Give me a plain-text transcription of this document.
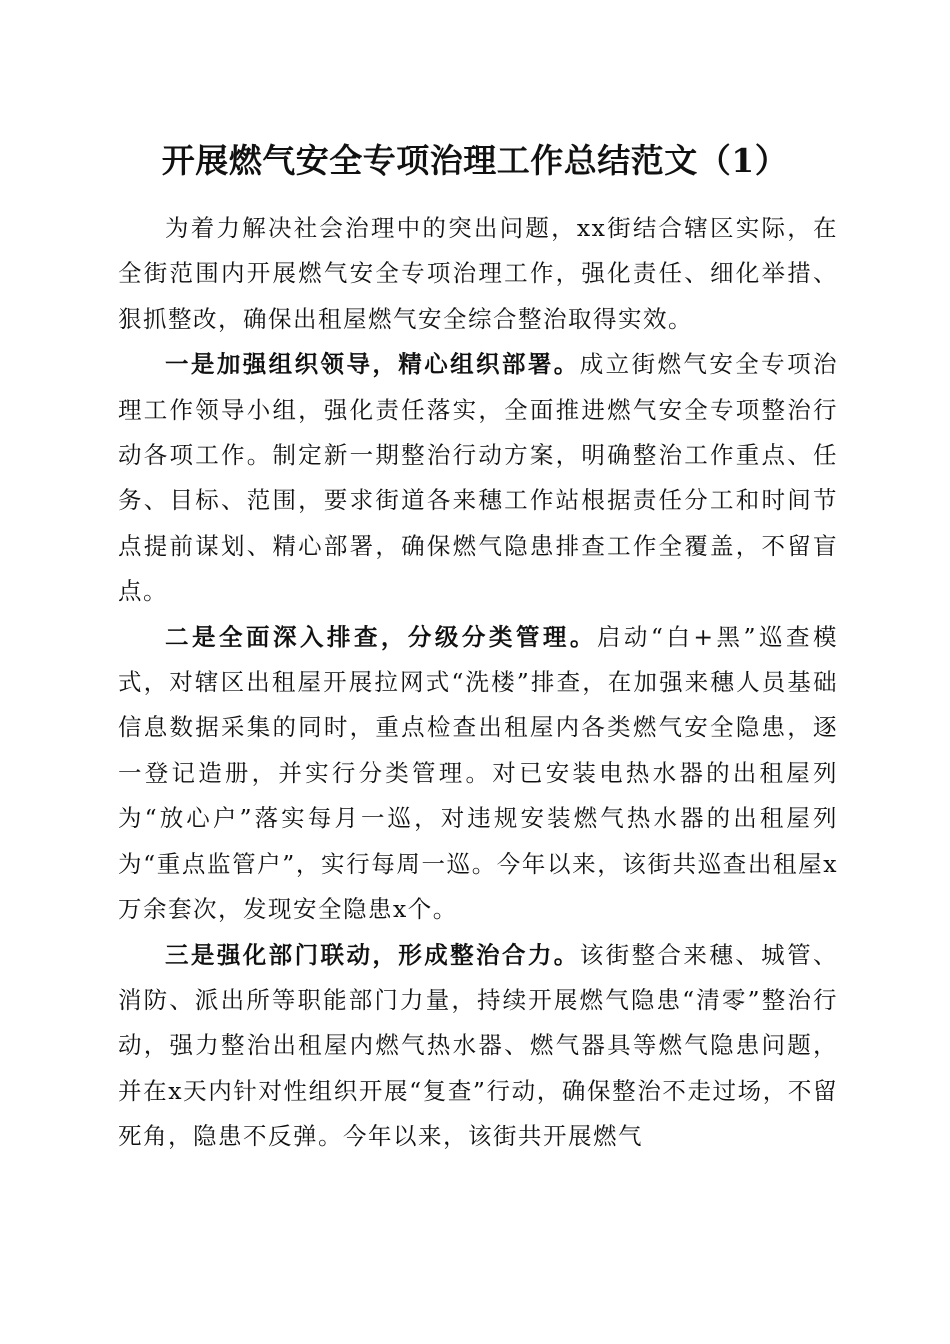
开展燃气安全专项治理工作总结范文（1）

为着力解决社会治理中的突出问题，xx街结合辖区实际，在全街范围内开展燃气安全专项治理工作，强化责任、细化举措、狠抓整改，确保出租屋燃气安全综合整治取得实效。

一是加强组织领导，精心组织部署。成立街燃气安全专项治理工作领导小组，强化责任落实，全面推进燃气安全专项整治行动各项工作。制定新一期整治行动方案，明确整治工作重点、任务、目标、范围，要求街道各来穗工作站根据责任分工和时间节点提前谋划、精心部署，确保燃气隐患排查工作全覆盖，不留盲点。

二是全面深入排查，分级分类管理。启动“白+黑”巡查模式，对辖区出租屋开展拉网式“洗楼”排查，在加强来穗人员基础信息数据采集的同时，重点检查出租屋内各类燃气安全隐患，逐一登记造册，并实行分类管理。对已安装电热水器的出租屋列为“放心户”落实每月一巡，对违规安装燃气热水器的出租屋列为“重点监管户”，实行每周一巡。今年以来，该街共巡查出租屋x万余套次，发现安全隐患x个。

三是强化部门联动，形成整治合力。该街整合来穗、城管、消防、派出所等职能部门力量，持续开展燃气隐患“清零”整治行动，强力整治出租屋内燃气热水器、燃气器具等燃气隐患问题，并在x天内针对性组织开展“复查”行动，确保整治不走过场，不留死角，隐患不反弹。今年以来，该街共开展燃气
